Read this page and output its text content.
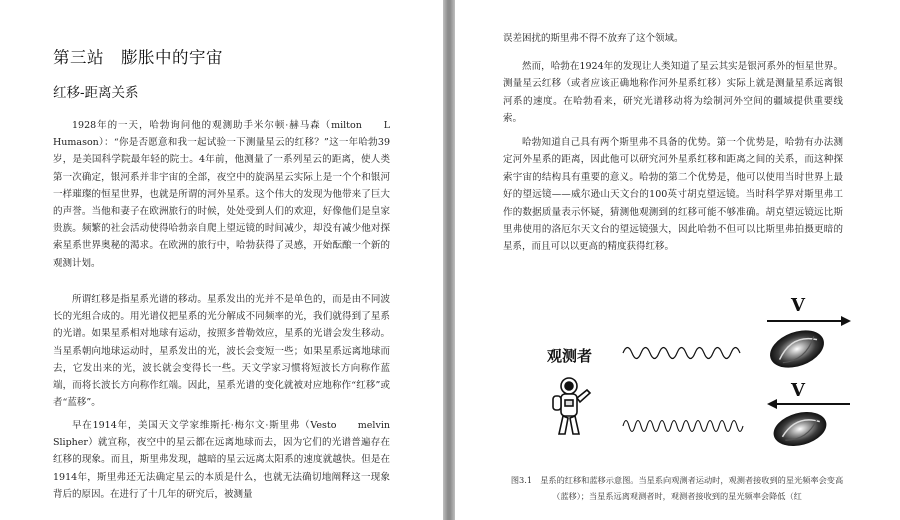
第三站　膨胀中的宇宙
红移-距离关系
1928年的一天，哈勃询问他的观测助手米尔顿·赫马森（milton　　L Humason）：“你是否愿意和我一起试验一下测量星云的红移？”这一年哈勃39岁，是美国科学院最年轻的院士。4年前，他测量了一系列星云的距离，使人类第一次确定，银河系并非宇宙的全部，夜空中的旋涡星云实际上是一个个和银河一样璀璨的恒星世界，也就是所谓的河外星系。这个伟大的发现为他带来了巨大的声誉。当他和妻子在欧洲旅行的时候，处处受到人们的欢迎，好像他们是皇家贵族。频繁的社会活动使得哈勃亲自爬上望远镜的时间减少，却没有减少他对探索星系世界奥秘的渴求。在欧洲的旅行中，哈勃获得了灵感，开始酝酿一个新的观测计划。
所谓红移是指星系光谱的移动。星系发出的光并不是单色的，而是由不同波长的光组合成的。用光谱仪把星系的光分解成不同频率的光，我们就得到了星系的光谱。如果星系相对地球有运动，按照多普勒效应，星系的光谱会发生移动。当星系朝向地球运动时，星系发出的光，波长会变短一些；如果星系远离地球而去，它发出来的光，波长就会变得长一些。天文学家习惯将短波长方向称作蓝端，而将长波长方向称作红端。因此，星系光谱的变化就被对应地称作“红移”或者“蓝移”。
早在1914年，美国天文学家维斯托·梅尔文·斯里弗（Vesto　　melvin Slipher）就宣称，夜空中的星云都在远离地球而去，因为它们的光谱普遍存在红移的现象。而且，斯里弗发现，越暗的星云远离太阳系的速度就越快。但是在1914年，斯里弗还无法确定星云的本质是什么，也就无法确切地阐释这一现象背后的原因。在进行了十几年的研究后，被测量
误差困扰的斯里弗不得不放弃了这个领域。
然而，哈勃在1924年的发现让人类知道了星云其实是银河系外的恒星世界。测量星云红移（或者应该正确地称作河外星系红移）实际上就是测量星系远离银河系的速度。在哈勃看来，研究光谱移动将为绘制河外空间的疆域提供重要线索。
哈勃知道自己具有两个斯里弗不具备的优势。第一个优势是，哈勃有办法测定河外星系的距离，因此他可以研究河外星系红移和距离之间的关系，而这种探索宇宙的结构具有重要的意义。哈勃的第二个优势是，他可以使用当时世界上最好的望远镜——威尔逊山天文台的100英寸胡克望远镜。当时科学界对斯里弗工作的数据质量表示怀疑，猜测他观测到的红移可能不够准确。胡克望远镜远比斯里弗使用的洛厄尔天文台的望远镜强大，因此哈勃不但可以比斯里弗拍摄更暗的星系，而且可以以更高的精度获得红移。
观测者
V
V
图3.1　星系的红移和蓝移示意图。当星系向观测者运动时，观测者接收到的星光频率会变高（蓝移）；当星系远离观测者时，观测者接收到的星光频率会降低（红
